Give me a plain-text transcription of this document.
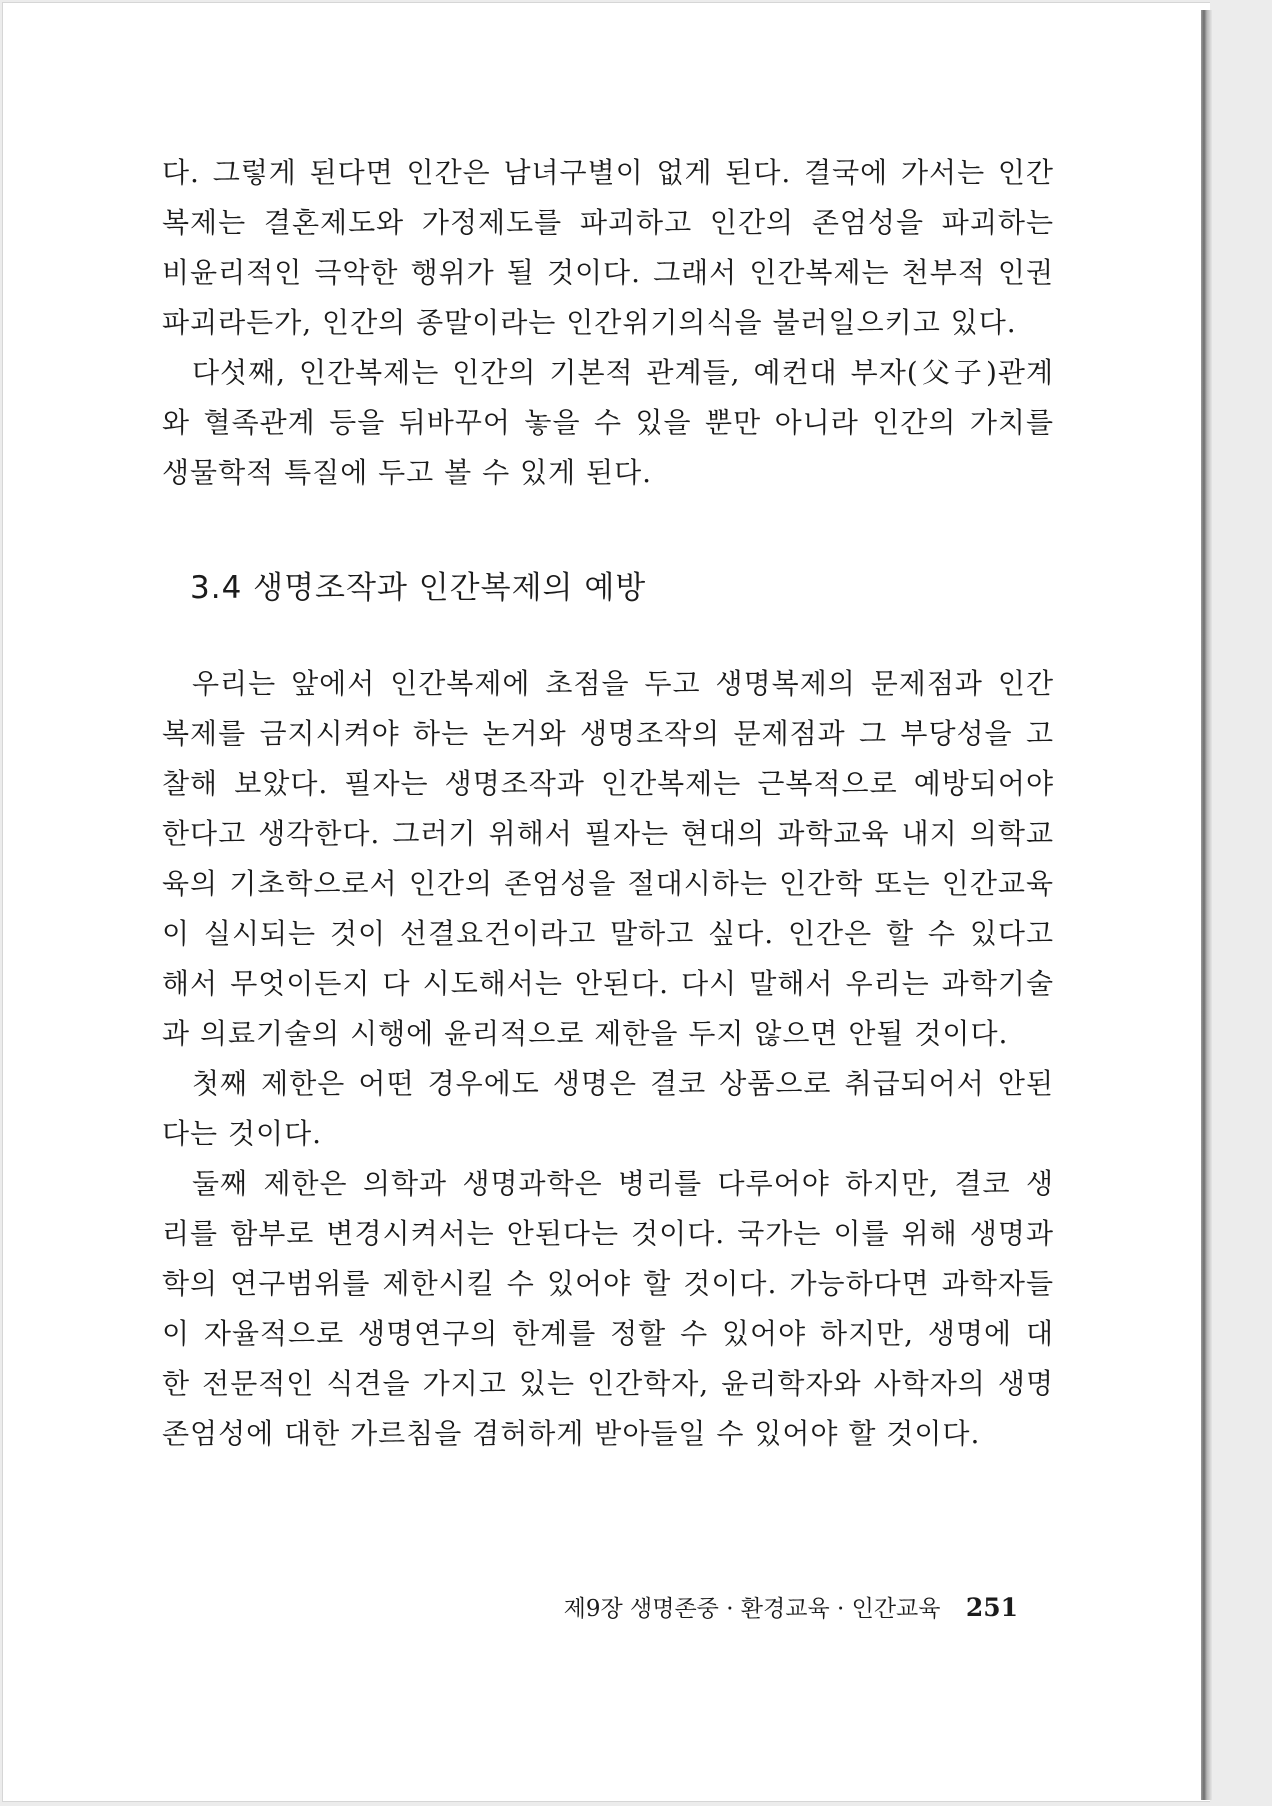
다. 그렇게 된다면 인간은 남녀구별이 없게 된다. 결국에 가서는 인간
복제는 결혼제도와 가정제도를 파괴하고 인간의 존엄성을 파괴하는
비윤리적인 극악한 행위가 될 것이다. 그래서 인간복제는 천부적 인권
파괴라든가, 인간의 종말이라는 인간위기의식을 불러일으키고 있다.
다섯째, 인간복제는 인간의 기본적 관계들, 예컨대 부자(父子)관계
와 혈족관계 등을 뒤바꾸어 놓을 수 있을 뿐만 아니라 인간의 가치를
생물학적 특질에 두고 볼 수 있게 된다.
3.4 생명조작과 인간복제의 예방
우리는 앞에서 인간복제에 초점을 두고 생명복제의 문제점과 인간
복제를 금지시켜야 하는 논거와 생명조작의 문제점과 그 부당성을 고
찰해 보았다. 필자는 생명조작과 인간복제는 근복적으로 예방되어야
한다고 생각한다. 그러기 위해서 필자는 현대의 과학교육 내지 의학교
육의 기초학으로서 인간의 존엄성을 절대시하는 인간학 또는 인간교육
이 실시되는 것이 선결요건이라고 말하고 싶다. 인간은 할 수 있다고
해서 무엇이든지 다 시도해서는 안된다. 다시 말해서 우리는 과학기술
과 의료기술의 시행에 윤리적으로 제한을 두지 않으면 안될 것이다.
첫째 제한은 어떤 경우에도 생명은 결코 상품으로 취급되어서 안된
다는 것이다.
둘째 제한은 의학과 생명과학은 병리를 다루어야 하지만, 결코 생
리를 함부로 변경시켜서는 안된다는 것이다. 국가는 이를 위해 생명과
학의 연구범위를 제한시킬 수 있어야 할 것이다. 가능하다면 과학자들
이 자율적으로 생명연구의 한계를 정할 수 있어야 하지만, 생명에 대
한 전문적인 식견을 가지고 있는 인간학자, 윤리학자와 사학자의 생명
존엄성에 대한 가르침을 겸허하게 받아들일 수 있어야 할 것이다.
제9장 생명존중 · 환경교육 · 인간교육 251
